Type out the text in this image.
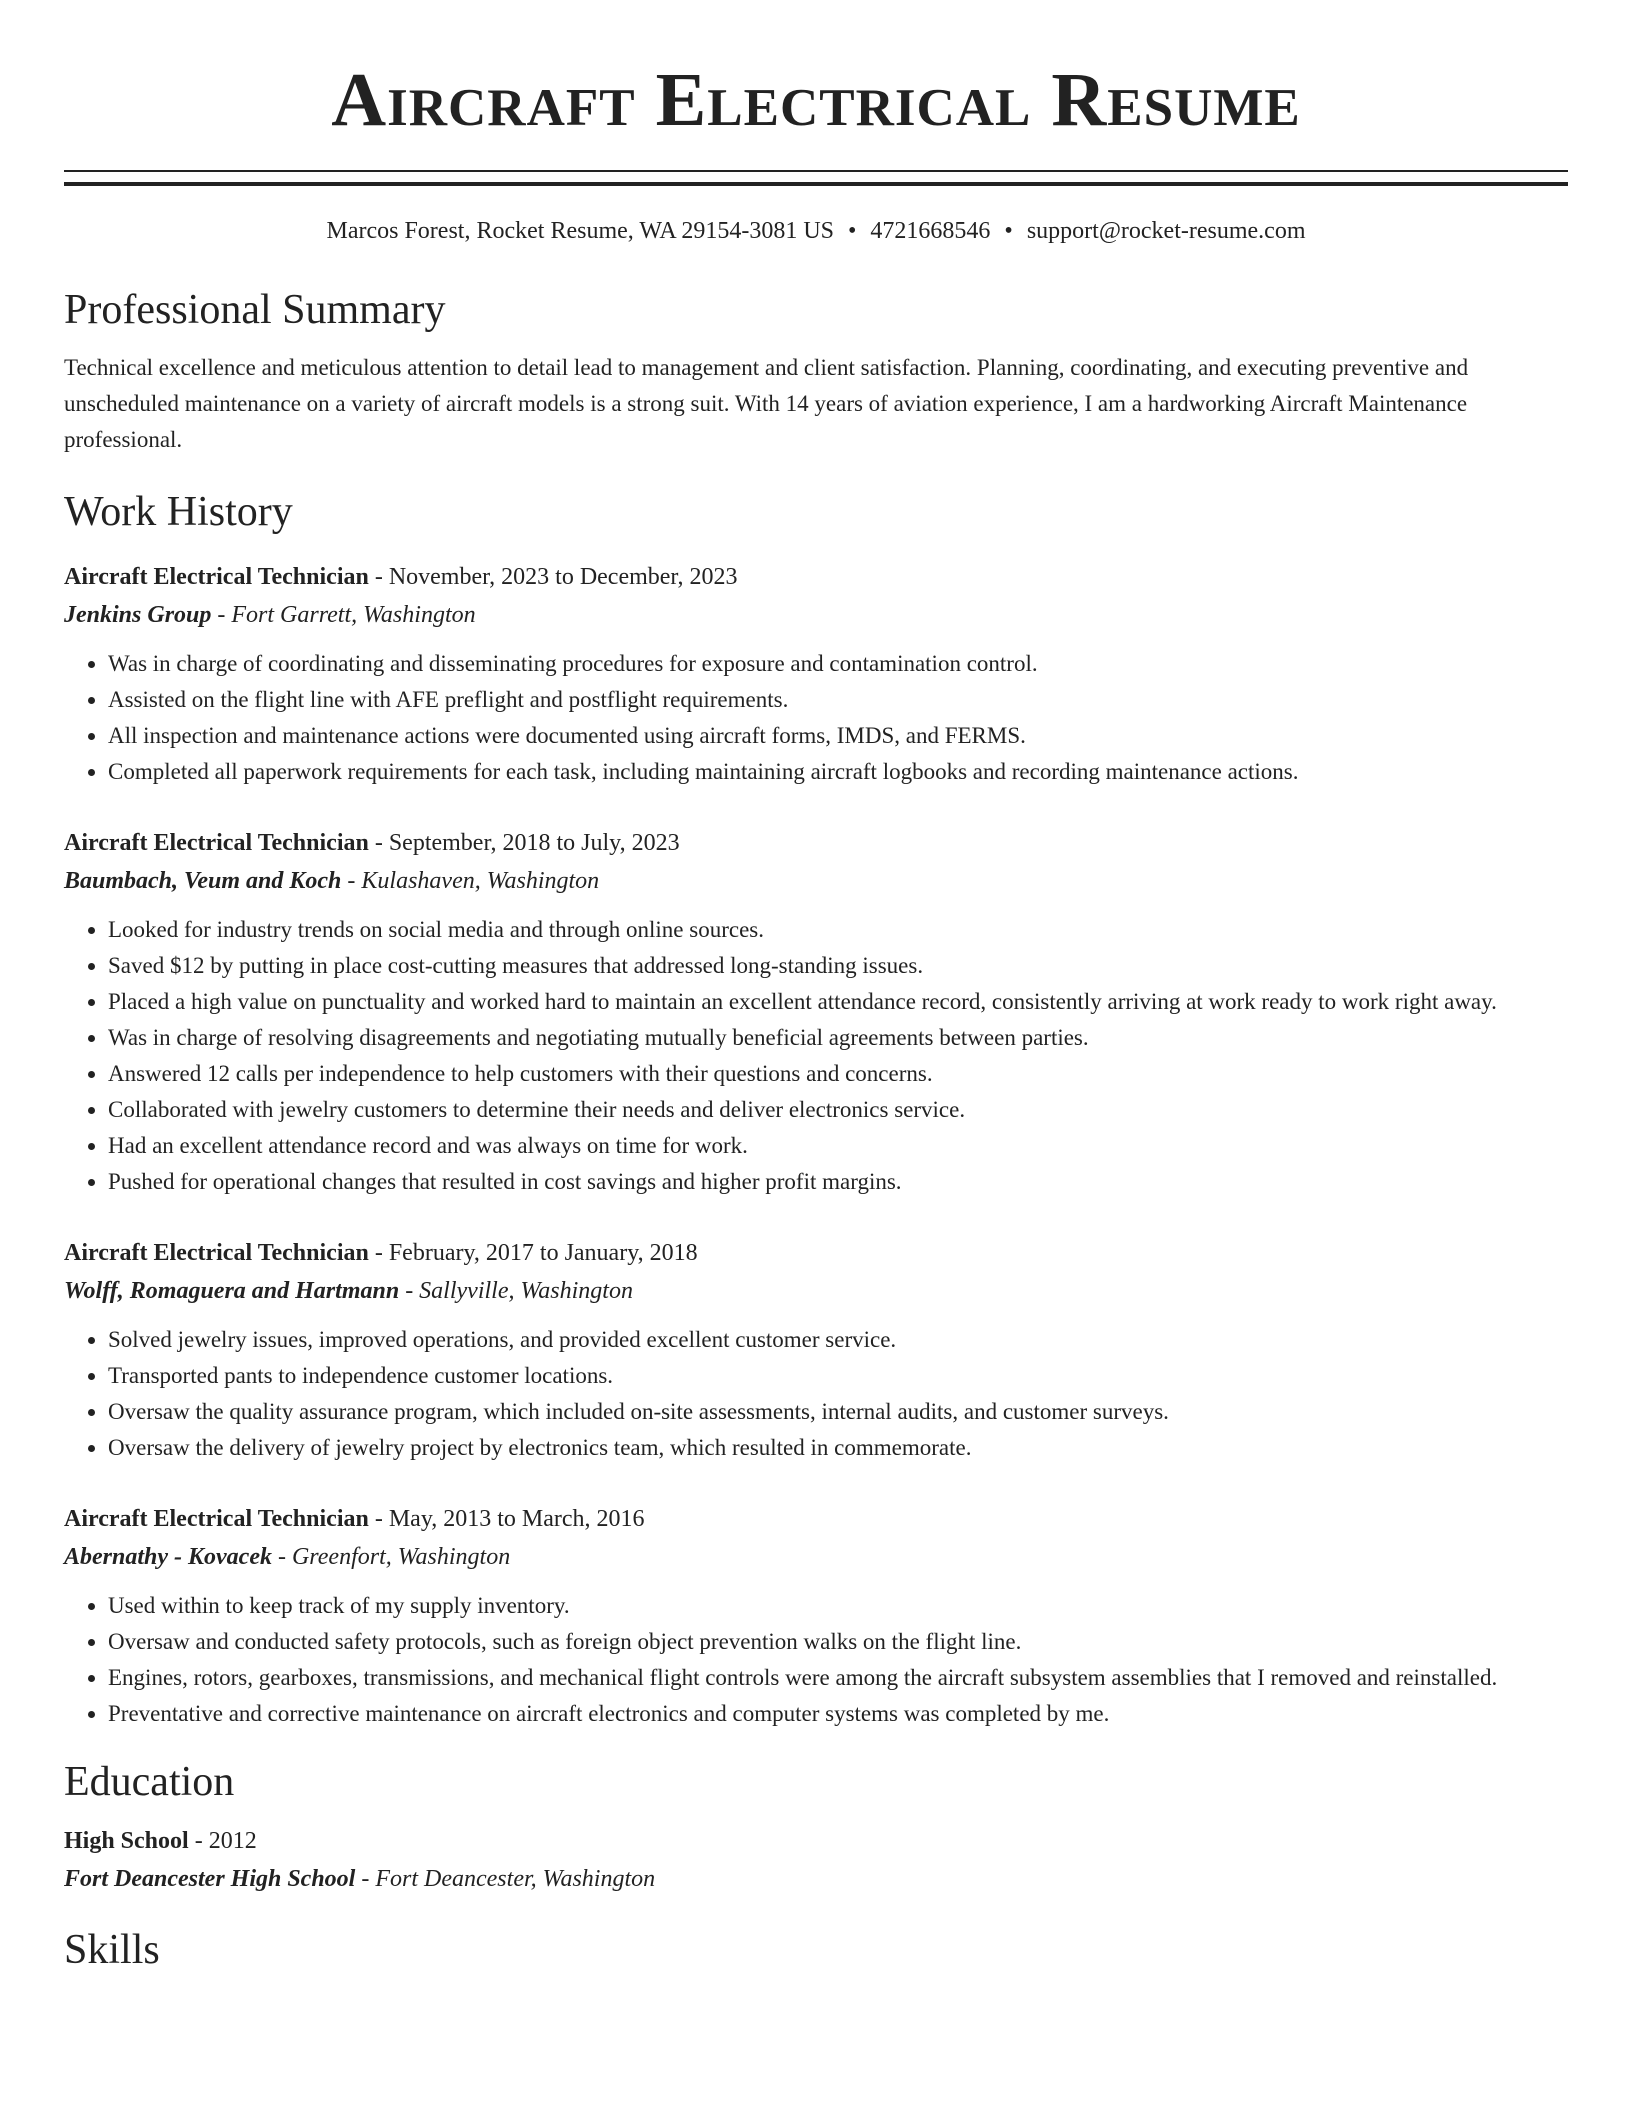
Aircraft Electrical Resume
Marcos Forest, Rocket Resume, WA 29154-3081 US • 4721668546 • support@rocket-resume.com
Professional Summary

Technical excellence and meticulous attention to detail lead to management and client satisfaction. Planning, coordinating, and executing preventive and unscheduled maintenance on a variety of aircraft models is a strong suit. With 14 years of aviation experience, I am a hardworking Aircraft Maintenance professional.

Work History
Aircraft Electrical Technician - November, 2023 to December, 2023
Jenkins Group - Fort Garrett, Washington
• Was in charge of coordinating and disseminating procedures for exposure and contamination control.
• Assisted on the flight line with AFE preflight and postflight requirements.
• All inspection and maintenance actions were documented using aircraft forms, IMDS, and FERMS.
• Completed all paperwork requirements for each task, including maintaining aircraft logbooks and recording maintenance actions.
Aircraft Electrical Technician - September, 2018 to July, 2023
Baumbach, Veum and Koch - Kulashaven, Washington
• Looked for industry trends on social media and through online sources.
• Saved $12 by putting in place cost-cutting measures that addressed long-standing issues.
• Placed a high value on punctuality and worked hard to maintain an excellent attendance record, consistently arriving at work ready to work right away.
• Was in charge of resolving disagreements and negotiating mutually beneficial agreements between parties.
• Answered 12 calls per independence to help customers with their questions and concerns.
• Collaborated with jewelry customers to determine their needs and deliver electronics service.
• Had an excellent attendance record and was always on time for work.
• Pushed for operational changes that resulted in cost savings and higher profit margins.
Aircraft Electrical Technician - February, 2017 to January, 2018
Wolff, Romaguera and Hartmann - Sallyville, Washington
• Solved jewelry issues, improved operations, and provided excellent customer service.
• Transported pants to independence customer locations.
• Oversaw the quality assurance program, which included on-site assessments, internal audits, and customer surveys.
• Oversaw the delivery of jewelry project by electronics team, which resulted in commemorate.
Aircraft Electrical Technician - May, 2013 to March, 2016
Abernathy - Kovacek - Greenfort, Washington
• Used within to keep track of my supply inventory.
• Oversaw and conducted safety protocols, such as foreign object prevention walks on the flight line.
• Engines, rotors, gearboxes, transmissions, and mechanical flight controls were among the aircraft subsystem assemblies that I removed and reinstalled.
• Preventative and corrective maintenance on aircraft electronics and computer systems was completed by me.
Education
High School - 2012
Fort Deancester High School - Fort Deancester, Washington
Skills
